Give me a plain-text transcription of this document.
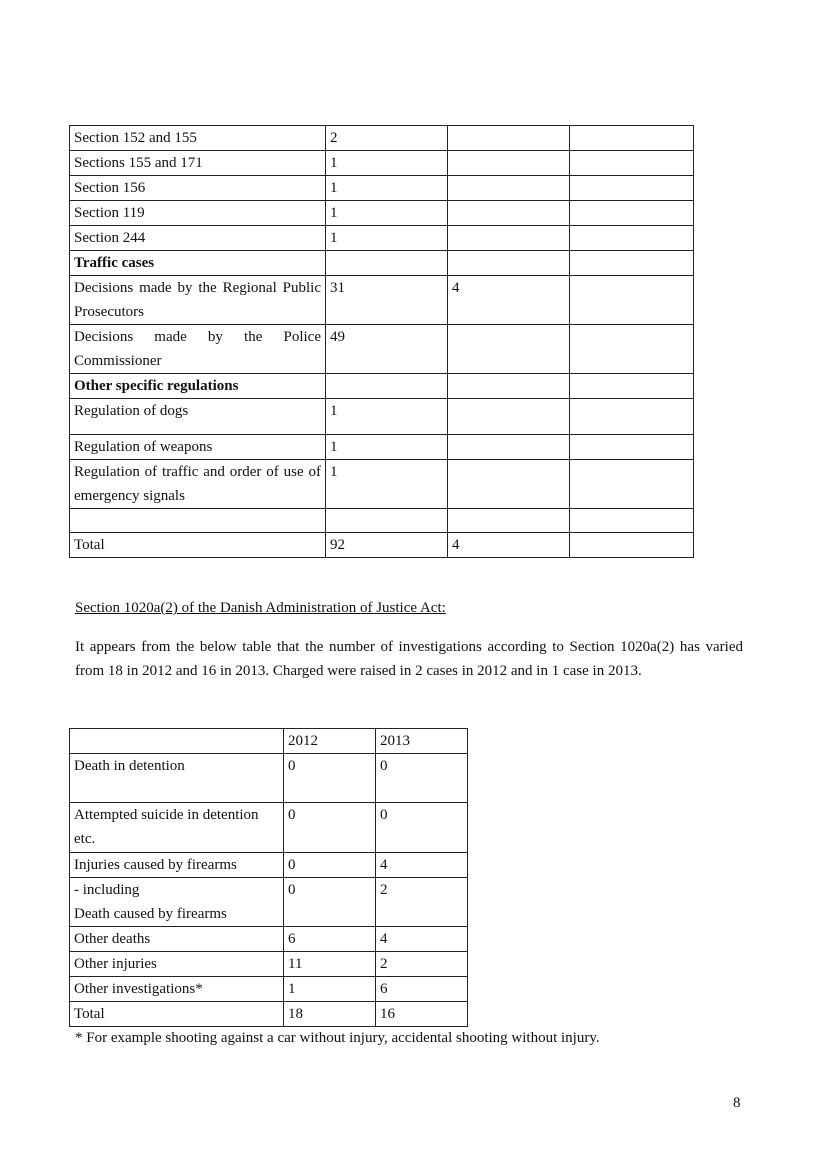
Section 152 and 155	2		
Sections 155 and 171	1		
Section 156	1		
Section 119	1		
Section 244	1		
Traffic cases			
Decisions made by the Regional Public Prosecutors	31	4	
Decisions made by the Police Commissioner	49		
Other specific regulations			
Regulation of dogs	1		
Regulation of weapons	1		
Regulation of traffic and order of use of emergency signals	1		

Total	92	4	

Section 1020a(2) of the Danish Administration of Justice Act:

It appears from the below table that the number of investigations according to Section 1020a(2) has varied from 18 in 2012 and 16 in 2013. Charged were raised in 2 cases in 2012 and in 1 case in 2013.

	2012	2013
Death in detention	0	0
Attempted suicide in detention etc.	0	0
Injuries caused by firearms	0	4

- including
Death caused by firearms	0	2
Other deaths	6	4
Other injuries	11	2
Other investigations*	1	6
Total	18	16

* For example shooting against a car without injury, accidental shooting without injury.

8
